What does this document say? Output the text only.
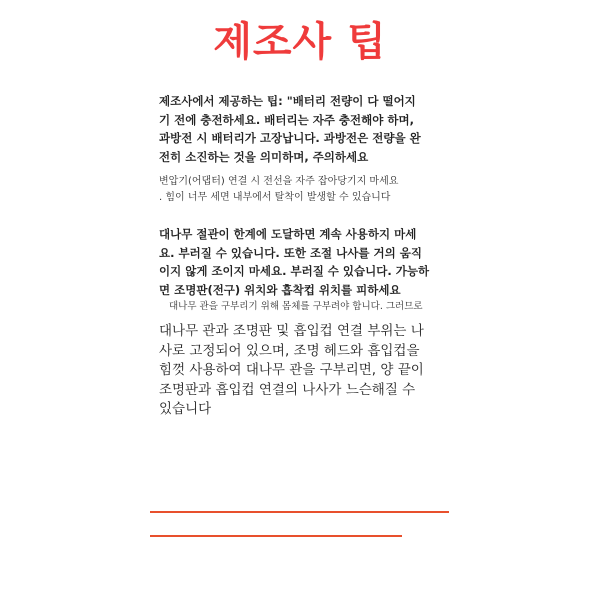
제조사 팁

제조사에서 제공하는 팁: "배터리 전량이 다 떨어지
기 전에 충전하세요. 배터리는 자주 충전해야 하며,
과방전 시 배터리가 고장납니다. 과방전은 전량을 완
전히 소진하는 것을 의미하며, 주의하세요

변압기(어댑터) 연결 시 전선을 자주 잡아당기지 마세요
. 힘이 너무 세면 내부에서 탈착이 발생할 수 있습니다

대나무 절관이 한계에 도달하면 계속 사용하지 마세
요. 부러질 수 있습니다. 또한 조절 나사를 거의 움직
이지 않게 조이지 마세요. 부러질 수 있습니다. 가능하
면 조명판(전구) 위치와 흡착컵 위치를 피하세요

대나무 관을 구부리기 위해 몸체를 구부려야 합니다. 그러므로

대나무 관과 조명판 및 흡입컵 연결 부위는 나
사로 고정되어 있으며, 조명 헤드와 흡입컵을
힘껏 사용하여 대나무 관을 구부리면, 양 끝이
조명판과 흡입컵 연결의 나사가 느슨해질 수
있습니다
